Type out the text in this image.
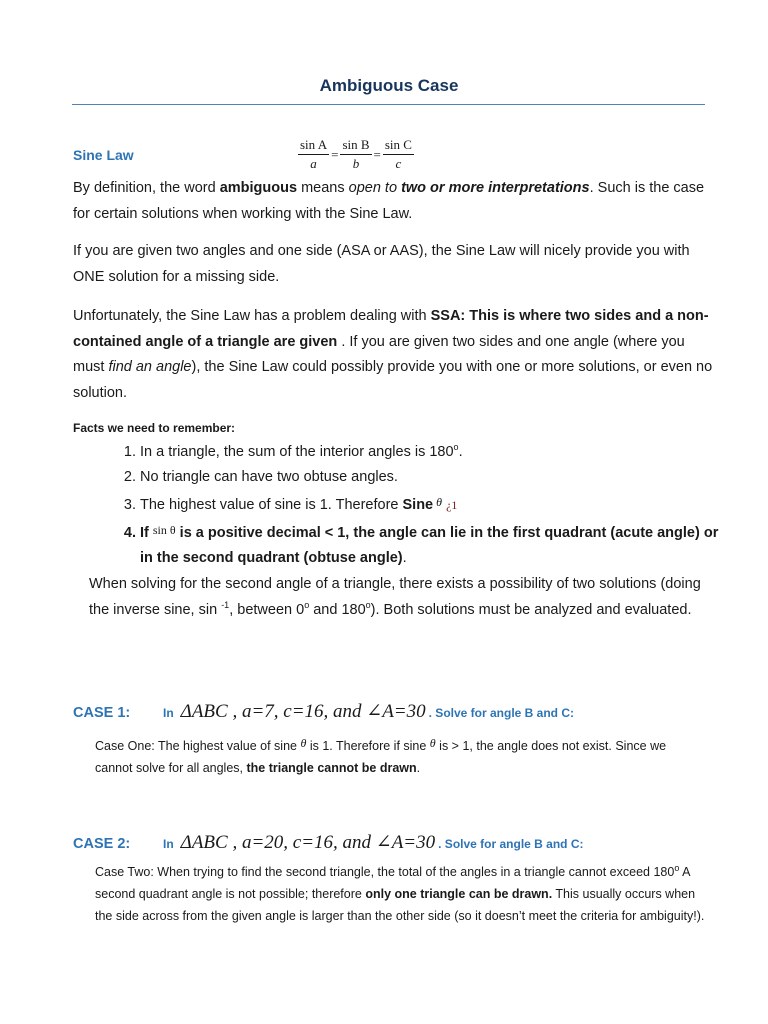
Ambiguous Case
Sine Law	$\frac{\text{sin A}}{a} = \frac{\text{sin B}}{b} = \frac{\text{sin C}}{c}$
By definition, the word ambiguous means open to two or more interpretations. Such is the case for certain solutions when working with the Sine Law.
If you are given two angles and one side (ASA or AAS), the Sine Law will nicely provide you with ONE solution for a missing side.
Unfortunately, the Sine Law has a problem dealing with SSA: This is where two sides and a non-contained angle of a triangle are given . If you are given two sides and one angle (where you must find an angle), the Sine Law could possibly provide you with one or more solutions, or even no solution.
Facts we need to remember:
1. In a triangle, the sum of the interior angles is 180$^o$.
2. No triangle can have two obtuse angles.
3. The highest value of sine is 1. Therefore Sine $^\theta$ ¿1
4. If $^{sin \theta}$ is a positive decimal < 1, the angle can lie in the first quadrant (acute angle) or in the second quadrant (obtuse angle).
When solving for the second angle of a triangle, there exists a possibility of two solutions (doing the inverse sine, sin $^{-1}$, between 0$^o$ and 180$^o$). Both solutions must be analyzed and evaluated.
CASE 1:	In ΔABC , a=7, c=16, and ∠A=30 . Solve for angle B and C:
Case One: The highest value of sine θ is 1. Therefore if sine θ is > 1, the angle does not exist. Since we cannot solve for all angles, the triangle cannot be drawn.
CASE 2:	In ΔABC , a=20, c=16, and ∠A=30 . Solve for angle B and C:
Case Two: When trying to find the second triangle, the total of the angles in a triangle cannot exceed 180$^o$ A second quadrant angle is not possible; therefore only one triangle can be drawn. This usually occurs when the side across from the given angle is larger than the other side (so it doesn’t meet the criteria for ambiguity!).
